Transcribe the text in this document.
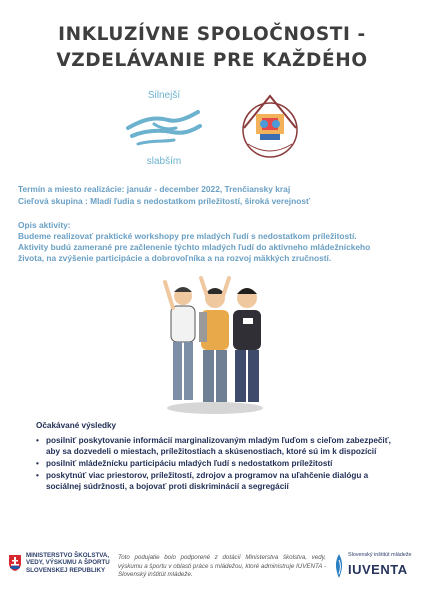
INKLUZÍVNE SPOLOČNOSTI -
VZDELÁVANIE PRE KAŽDÉHO
Silnejší
slabším
Termín a miesto realizácie: január - december 2022, Trenčiansky kraj
Cieľová skupina : Mladí ľudia s nedostatkom príležitostí, široká verejnosť
Opis aktivity:
Budeme realizovať praktické workshopy pre mladých ľudí s nedostatkom príležitostí.
Aktivity budú zamerané pre začlenenie týchto mladých ľudí do aktívneho mládežníckeho
života, na zvýšenie participácie a dobrovoľníka a na rozvoj mäkkých zručností.
Očakávané výsledky
• posilniť poskytovanie informácií marginalizovaným mladým ľuďom s cieľom zabezpečiť, aby sa dozvedeli o miestach, príležitostiach a skúsenostiach, ktoré sú im k dispozícií
• posilniť mládežnícku participáciu mladých ľudí s nedostatkom príležitostí
• poskytnúť viac priestorov, príležitostí, zdrojov a programov na uľahčenie dialógu a sociálnej súdržnosti, a bojovať proti diskriminácií a segregácií
MINISTERSTVO ŠKOLSTVA, VEDY, VÝSKUMU A ŠPORTU SLOVENSKEJ REPUBLIKY
Toto podujatie bolo podporené z dotácií Ministerstva školstva, vedy, výskumu a športu v oblasti práce s mládežou, ktoré administruje IUVENTA - Slovenský inštitút mládeže.
Slovenský inštitút mládeže
IUVENTA
